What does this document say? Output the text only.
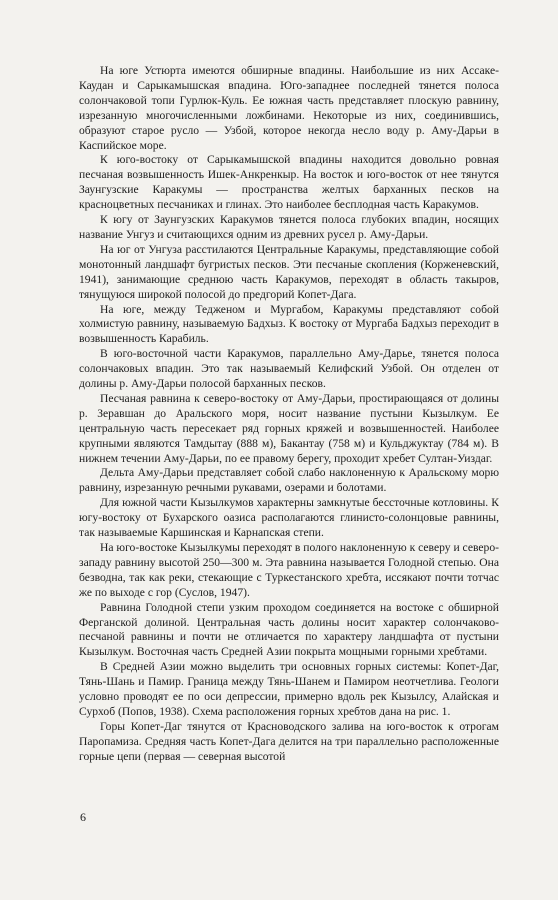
На юге Устюрта имеются обширные впадины. Наибольшие из них Ассаке-Каудан и Сарыкамышская впадина. Юго-западнее последней тянется полоса солончаковой топи Гурлюк-Куль. Ее южная часть представляет плоскую равнину, изрезанную многочисленными ложбинами. Некоторые из них, соединившись, образуют старое русло — Узбой, которое некогда несло воду р. Аму-Дарьи в Каспийское море.

К юго-востоку от Сарыкамышской впадины находится довольно ровная песчаная возвышенность Ишек-Анкренкыр. На восток и юго-восток от нее тянутся Заунгузские Каракумы — пространства желтых барханных песков на красноцветных песчаниках и глинах. Это наиболее бесплодная часть Каракумов.

К югу от Заунгузских Каракумов тянется полоса глубоких впадин, носящих название Унгуз и считающихся одним из древних русел р. Аму-Дарьи.

На юг от Унгуза расстилаются Центральные Каракумы, представляющие собой монотонный ландшафт бугристых песков. Эти песчаные скопления (Корженевский, 1941), занимающие среднюю часть Каракумов, переходят в область такыров, тянущуюся широкой полосой до предгорий Копет-Дага.

На юге, между Тедженом и Мургабом, Каракумы представляют собой холмистую равнину, называемую Бадхыз. К востоку от Мургаба Бадхыз переходит в возвышенность Карабиль.

В юго-восточной части Каракумов, параллельно Аму-Дарье, тянется полоса солончаковых впадин. Это так называемый Келифский Узбой. Он отделен от долины р. Аму-Дарьи полосой барханных песков.

Песчаная равнина к северо-востоку от Аму-Дарьи, простирающаяся от долины р. Зеравшан до Аральского моря, носит название пустыни Кызылкум. Ее центральную часть пересекает ряд горных кряжей и возвышенностей. Наиболее крупными являются Тамдытау (888 м), Бакантау (758 м) и Кульджуктау (784 м). В нижнем течении Аму-Дарьи, по ее правому берегу, проходит хребет Султан-Уиздаг.

Дельта Аму-Дарьи представляет собой слабо наклоненную к Аральскому морю равнину, изрезанную речными рукавами, озерами и болотами.

Для южной части Кызылкумов характерны замкнутые бессточные котловины. К югу-востоку от Бухарского оазиса располагаются глинисто-солонцовые равнины, так называемые Каршинская и Карнапская степи.

На юго-востоке Кызылкумы переходят в полого наклоненную к северу и северо-западу равнину высотой 250—300 м. Эта равнина называется Голодной степью. Она безводна, так как реки, стекающие с Туркестанского хребта, иссякают почти тотчас же по выходе с гор (Суслов, 1947).

Равнина Голодной степи узким проходом соединяется на востоке с обширной Ферганской долиной. Центральная часть долины носит характер солончаково-песчаной равнины и почти не отличается по характеру ландшафта от пустыни Кызылкум. Восточная часть Средней Азии покрыта мощными горными хребтами.

В Средней Азии можно выделить три основных горных системы: Копет-Даг, Тянь-Шань и Памир. Граница между Тянь-Шанем и Памиром неотчетлива. Геологи условно проводят ее по оси депрессии, примерно вдоль рек Кызылсу, Алайская и Сурхоб (Попов, 1938). Схема расположения горных хребтов дана на рис. 1.

Горы Копет-Даг тянутся от Красноводского залива на юго-восток к отрогам Паропамиза. Средняя часть Копет-Дага делится на три параллельно расположенные горные цепи (первая — северная высотой

6
